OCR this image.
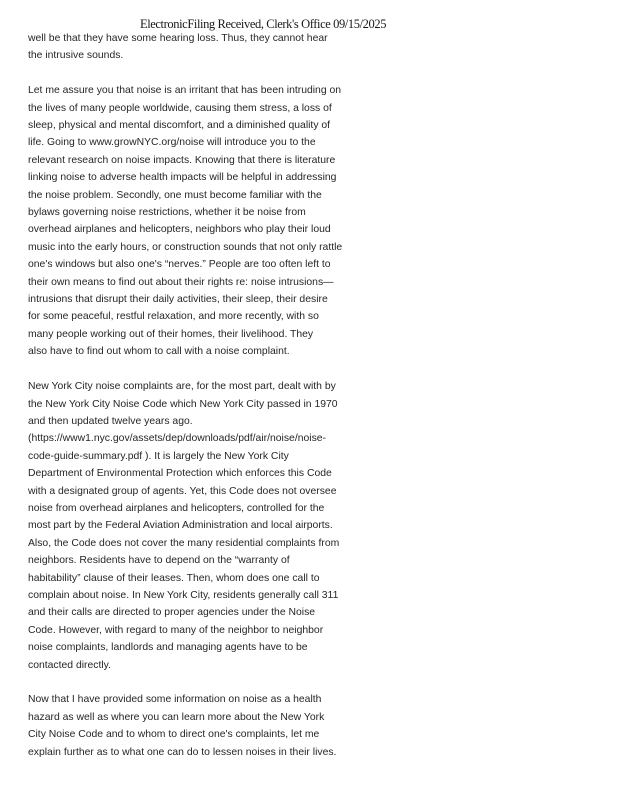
ElectronicFiling Received, Clerk's Office 09/15/2025

well be that they have some hearing loss. Thus, they cannot hear
the intrusive sounds.

Let me assure you that noise is an irritant that has been intruding on
the lives of many people worldwide, causing them stress, a loss of
sleep, physical and mental discomfort, and a diminished quality of
life. Going to www.growNYC.org/noise will introduce you to the
relevant research on noise impacts. Knowing that there is literature
linking noise to adverse health impacts will be helpful in addressing
the noise problem. Secondly, one must become familiar with the
bylaws governing noise restrictions, whether it be noise from
overhead airplanes and helicopters, neighbors who play their loud
music into the early hours, or construction sounds that not only rattle
one's windows but also one's “nerves.” People are too often left to
their own means to find out about their rights re: noise intrusions—
intrusions that disrupt their daily activities, their sleep, their desire
for some peaceful, restful relaxation, and more recently, with so
many people working out of their homes, their livelihood. They
also have to find out whom to call with a noise complaint.

New York City noise complaints are, for the most part, dealt with by
the New York City Noise Code which New York City passed in 1970
and then updated twelve years ago.
(https://www1.nyc.gov/assets/dep/downloads/pdf/air/noise/noise-
code-guide-summary.pdf ). It is largely the New York City
Department of Environmental Protection which enforces this Code
with a designated group of agents. Yet, this Code does not oversee
noise from overhead airplanes and helicopters, controlled for the
most part by the Federal Aviation Administration and local airports.
Also, the Code does not cover the many residential complaints from
neighbors. Residents have to depend on the “warranty of
habitability” clause of their leases. Then, whom does one call to
complain about noise. In New York City, residents generally call 311
and their calls are directed to proper agencies under the Noise
Code. However, with regard to many of the neighbor to neighbor
noise complaints, landlords and managing agents have to be
contacted directly.

Now that I have provided some information on noise as a health
hazard as well as where you can learn more about the New York
City Noise Code and to whom to direct one's complaints, let me
explain further as to what one can do to lessen noises in their lives.
